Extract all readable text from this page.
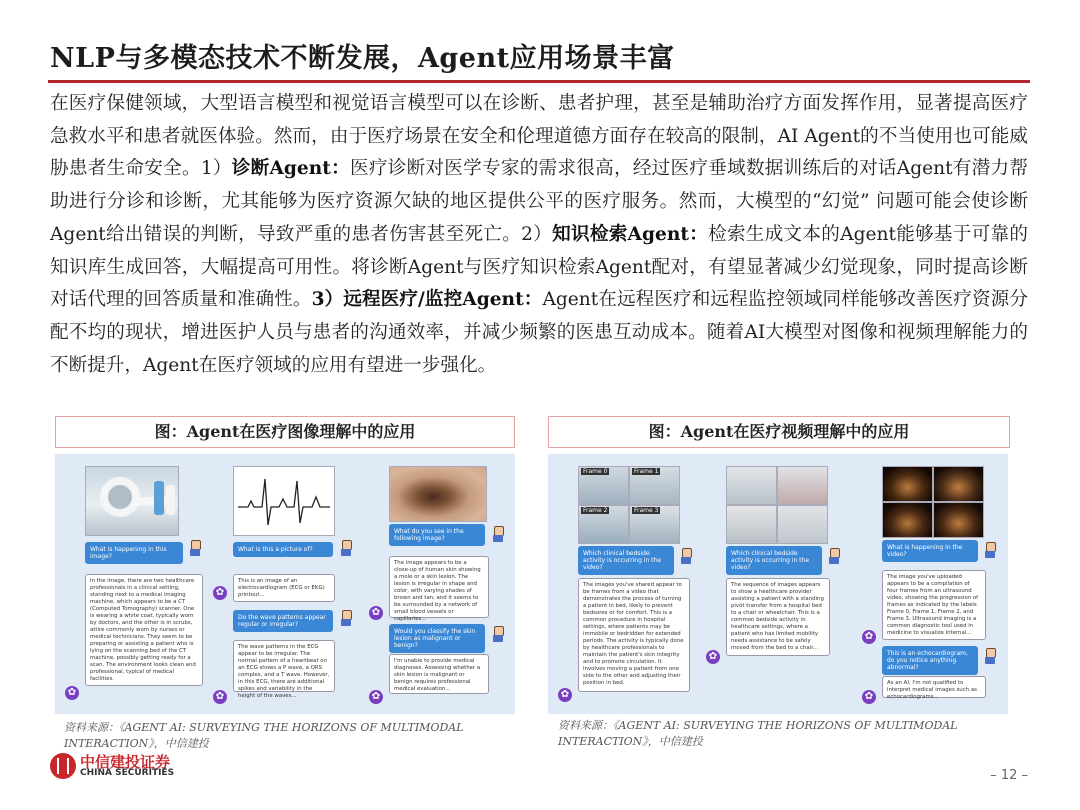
NLP与多模态技术不断发展，Agent应用场景丰富
在医疗保健领域，大型语言模型和视觉语言模型可以在诊断、患者护理，甚至是辅助治疗方面发挥作用，显著提高医疗急救水平和患者就医体验。然而，由于医疗场景在安全和伦理道德方面存在较高的限制，AI Agent的不当使用也可能威胁患者生命安全。1）诊断Agent：医疗诊断对医学专家的需求很高，经过医疗垂域数据训练后的对话Agent有潜力帮助进行分诊和诊断，尤其能够为医疗资源欠缺的地区提供公平的医疗服务。然而，大模型的“幻觉” 问题可能会使诊断Agent给出错误的判断，导致严重的患者伤害甚至死亡。2）知识检索Agent：检索生成文本的Agent能够基于可靠的知识库生成回答，大幅提高可用性。将诊断Agent与医疗知识检索Agent配对，有望显著减少幻觉现象，同时提高诊断对话代理的回答质量和准确性。3）远程医疗/监控Agent：Agent在远程医疗和远程监控领域同样能够改善医疗资源分配不均的现状，增进医护人员与患者的沟通效率，并减少频繁的医患互动成本。随着AI大模型对图像和视频理解能力的不断提升，Agent在医疗领域的应用有望进一步强化。
图：Agent在医疗图像理解中的应用
What is happening in this image?
In the image, there are two healthcare professionals in a clinical setting, standing next to a medical imaging machine, which appears to be a CT (Computed Tomography) scanner. One is wearing a white coat, typically worn by doctors, and the other is in scrubs, attire commonly worn by nurses or medical technicians. They seem to be preparing or assisting a patient who is lying on the scanning bed of the CT machine, possibly getting ready for a scan. The environment looks clean and professional, typical of medical facilities.
✿
What is this a picture of?
This is an image of an electrocardiogram (ECG or EKG) printout...
✿
Do the wave patterns appear regular or irregular?
The wave patterns in the ECG appear to be irregular. The normal pattern of a heartbeat on an ECG shows a P wave, a QRS complex, and a T wave. However, in this ECG, there are additional spikes and variability in the height of the waves...
✿
What do you see in the following image?
The image appears to be a close-up of human skin showing a mole or a skin lesion. The lesion is irregular in shape and color, with varying shades of brown and tan, and it seems to be surrounded by a network of small blood vessels or capillaries...
✿
Would you classify the skin lesion as malignant or benign?
I'm unable to provide medical diagnoses. Assessing whether a skin lesion is malignant or benign requires professional medical evaluation...
✿
资料来源：《AGENT AI: SURVEYING THE HORIZONS OF MULTIMODAL
INTERACTION》，中信建投
图：Agent在医疗视频理解中的应用
Frame 0	Frame 1
Frame 2	Frame 3
Which clinical bedside activity is occurring in the video?
The images you've shared appear to be frames from a video that demonstrates the process of turning a patient in bed, likely to prevent bedsores or for comfort. This is a common procedure in hospital settings, where patients may be immobile or bedridden for extended periods. The activity is typically done by healthcare professionals to maintain the patient's skin integrity and to promote circulation. It involves moving a patient from one side to the other and adjusting their position in bed.
✿
Which clinical bedside activity is occurring in the video?
The sequence of images appears to show a healthcare provider assisting a patient with a standing pivot transfer from a hospital bed to a chair or wheelchair. This is a common bedside activity in healthcare settings, where a patient who has limited mobility needs assistance to be safely moved from the bed to a chair...
✿
What is happening in the video?
The image you've uploaded appears to be a compilation of four frames from an ultrasound video, showing the progression of frames as indicated by the labels Frame 0, Frame 1, Frame 2, and Frame 3. Ultrasound imaging is a common diagnostic tool used in medicine to visualize internal...
✿
This is an echocardiogram, do you notice anything abnormal?
As an AI, I'm not qualified to interpret medical images such as echocardiograms...
✿
资料来源：《AGENT AI: SURVEYING THE HORIZONS OF MULTIMODAL
INTERACTION》，中信建投
中信建投证券
CHINA SECURITIES	– 12 –
